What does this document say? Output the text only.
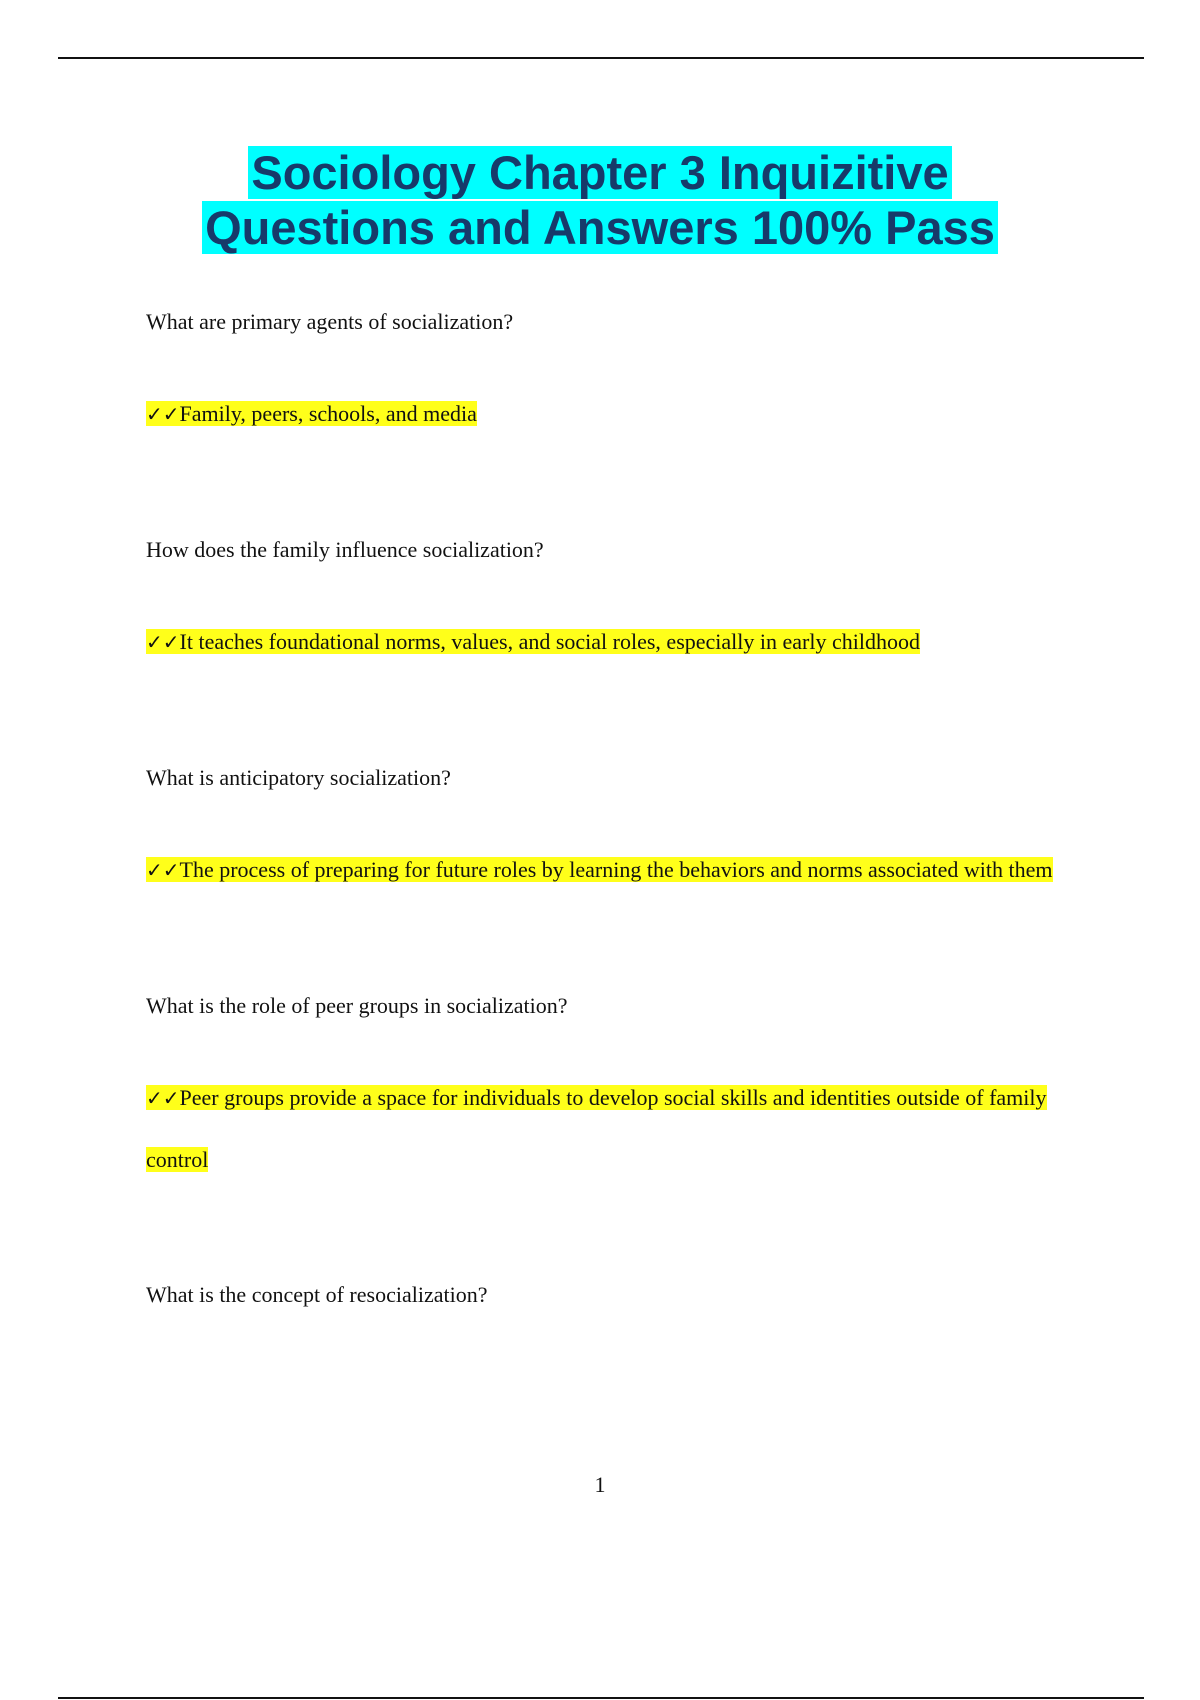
Sociology Chapter 3 Inquizitive
Questions and Answers 100% Pass

What are primary agents of socialization?

✓✓Family, peers, schools, and media

How does the family influence socialization?

✓✓It teaches foundational norms, values, and social roles, especially in early childhood

What is anticipatory socialization?

✓✓The process of preparing for future roles by learning the behaviors and norms associated with them

What is the role of peer groups in socialization?

✓✓Peer groups provide a space for individuals to develop social skills and identities outside of family control

What is the concept of resocialization?

1
